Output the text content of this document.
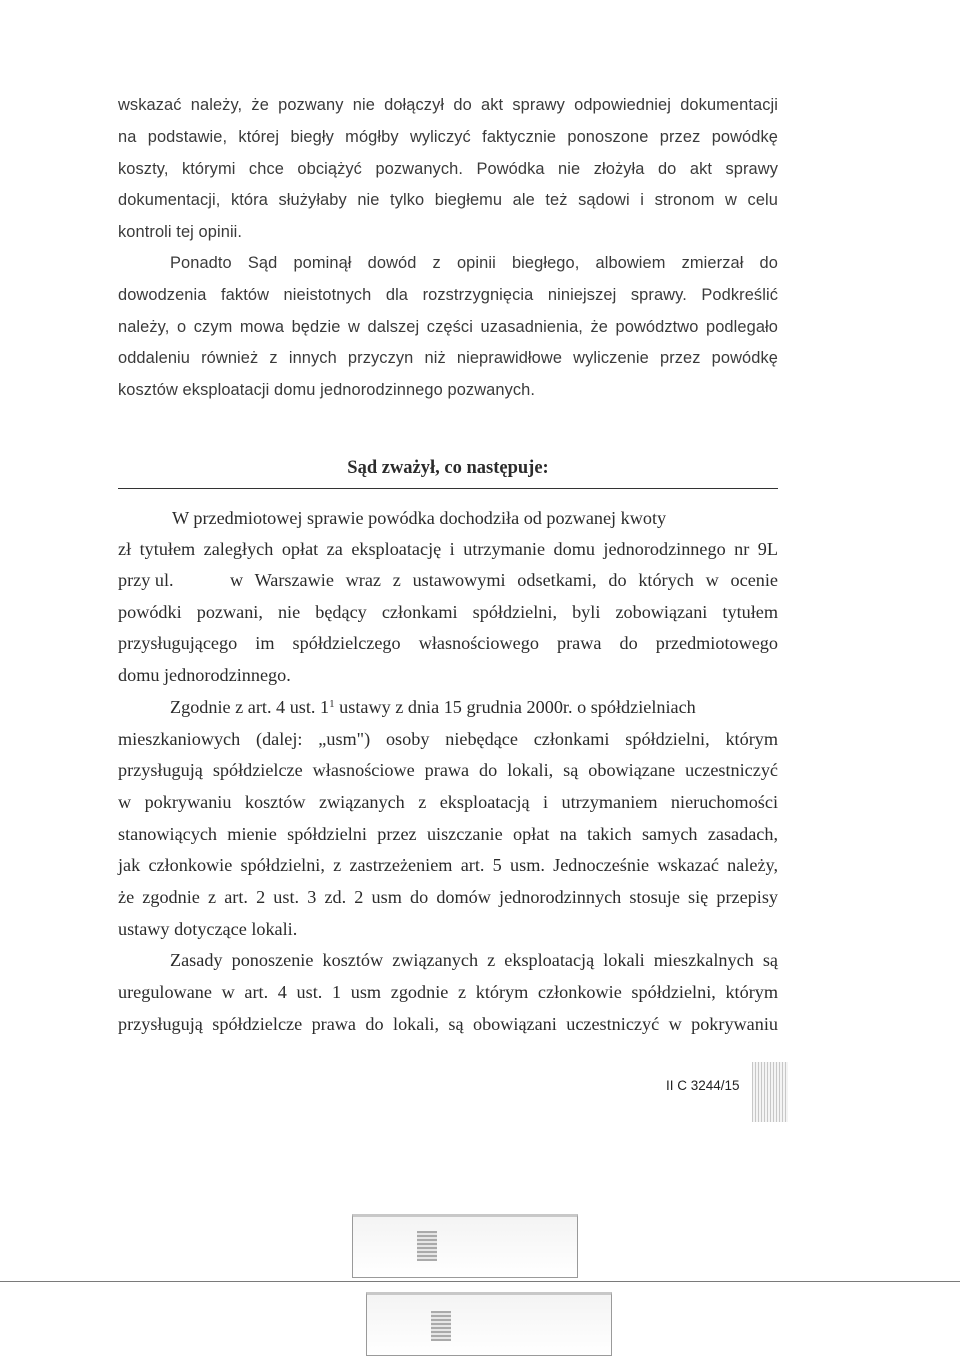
wskazać należy, że pozwany nie dołączył do akt sprawy odpowiedniej dokumentacji
na podstawie, której biegły mógłby wyliczyć faktycznie ponoszone przez powódkę
koszty, którymi chce obciążyć pozwanych. Powódka nie złożyła do akt sprawy
dokumentacji, która służyłaby nie tylko biegłemu ale też sądowi i stronom w celu
kontroli tej opinii.
Ponadto Sąd pominął dowód z opinii biegłego, albowiem zmierzał do
dowodzenia faktów nieistotnych dla rozstrzygnięcia niniejszej sprawy. Podkreślić
należy, o czym mowa będzie w dalszej części uzasadnienia, że powództwo podlegało
oddaleniu również z innych przyczyn niż nieprawidłowe wyliczenie przez powódkę
kosztów eksploatacji domu jednorodzinnego pozwanych.
Sąd zważył, co następuje:
W przedmiotowej sprawie powódka dochodziła od pozwanej kwoty
zł tytułem zaległych opłat za eksploatację i utrzymanie domu jednorodzinnego nr 9L
przy ul.	w Warszawie wraz z ustawowymi odsetkami, do których w ocenie
powódki pozwani, nie będący członkami spółdzielni, byli zobowiązani tytułem
przysługującego im spółdzielczego własnościowego prawa do przedmiotowego
domu jednorodzinnego.
Zgodnie z art. 4 ust. $1^1$ ustawy z dnia 15 grudnia 2000r. o spółdzielniach
mieszkaniowych (dalej: „usm") osoby niebędące członkami spółdzielni, którym
przysługują spółdzielcze własnościowe prawa do lokali, są obowiązane uczestniczyć
w pokrywaniu kosztów związanych z eksploatacją i utrzymaniem nieruchomości
stanowiących mienie spółdzielni przez uiszczanie opłat na takich samych zasadach,
jak członkowie spółdzielni, z zastrzeżeniem art. 5 usm. Jednocześnie wskazać należy,
że zgodnie z art. 2 ust. 3 zd. 2 usm do domów jednorodzinnych stosuje się przepisy
ustawy dotyczące lokali.
Zasady ponoszenie kosztów związanych z eksploatacją lokali mieszkalnych są
uregulowane w art. 4 ust. 1 usm zgodnie z którym członkowie spółdzielni, którym
przysługują spółdzielcze prawa do lokali, są obowiązani uczestniczyć w pokrywaniu
II C 3244/15
